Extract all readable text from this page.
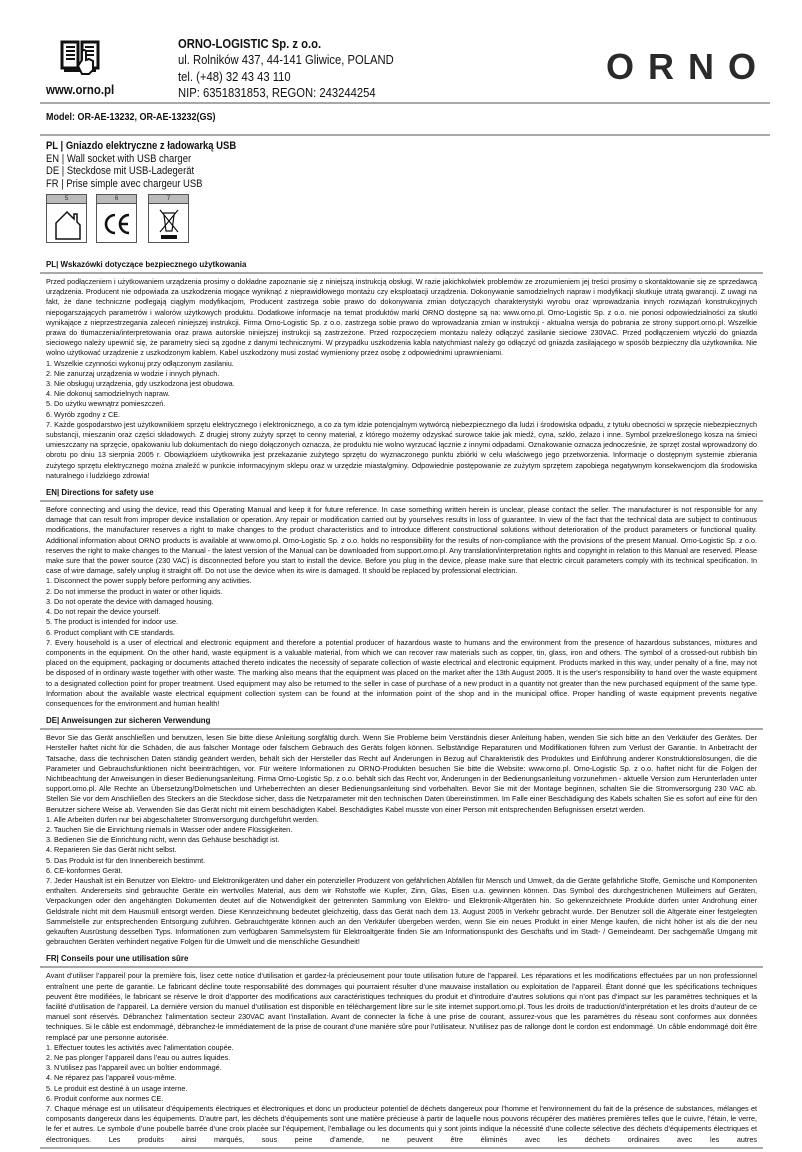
www.orno.pl
ORNO-LOGISTIC Sp. z o.o.
ul. Rolników 437, 44-141 Gliwice, POLAND
tel. (+48) 32 43 43 110
NIP: 6351831853, REGON: 243244254
ORNO
Model: OR-AE-13232, OR-AE-13232(GS)
PL | Gniazdo elektryczne z ładowarką USB
EN | Wall socket with USB charger
DE | Steckdose mit USB-Ladegerät
FR | Prise simple avec chargeur USB
5	6	7
PL| Wskazówki dotyczące bezpiecznego użytkowania
Przed podłączeniem i użytkowaniem urządzenia prosimy o dokładne zapoznanie się z niniejszą instrukcją obsługi. W razie jakichkolwiek problemów ze zrozumieniem jej treści prosimy o skontaktowanie się ze sprzedawcą urządzenia. Producent nie odpowiada za uszkodzenia mogące wyniknąć z nieprawidłowego montażu czy eksploatacji urządzenia. Dokonywanie samodzielnych napraw i modyfikacji skutkuje utratą gwarancji. Z uwagi na fakt, że dane techniczne podlegają ciągłym modyfikacjom, Producent zastrzega sobie prawo do dokonywania zmian dotyczących charakterystyki wyrobu oraz wprowadzania innych rozwiązań konstrukcyjnych niepogarszających parametrów i walorów użytkowych produktu. Dodatkowe informacje na temat produktów marki ORNO dostępne są na: www.orno.pl. Orno-Logistic Sp. z o.o. nie ponosi odpowiedzialności za skutki wynikające z nieprzestrzegania zaleceń niniejszej instrukcji. Firma Orno-Logistic Sp. z o.o. zastrzega sobie prawo do wprowadzania zmian w instrukcji - aktualna wersja do pobrania ze strony support.orno.pl. Wszelkie prawa do tłumaczenia/interpretowania oraz prawa autorskie niniejszej instrukcji są zastrzeżone. Przed rozpoczęciem montażu należy odłączyć zasilanie sieciowe 230VAC. Przed podłączeniem wtyczki do gniazda sieciowego należy upewnić się, że parametry sieci są zgodne z danymi technicznymi. W przypadku uszkodzenia kabla natychmiast należy go odłączyć od gniazda zasilającego w sposób bezpieczny dla użytkownika. Nie wolno użytkować urządzenie z uszkodzonym kablem. Kabel uszkodzony musi zostać wymieniony przez osobę z odpowiednimi uprawnieniami.
1. Wszelkie czynności wykonuj przy odłączonym zasilaniu.
2. Nie zanurzaj urządzenia w wodzie i innych płynach.
3. Nie obsługuj urządzenia, gdy uszkodzona jest obudowa.
4. Nie dokonuj samodzielnych napraw.
5. Do użytku wewnątrz pomieszczeń.
6. Wyrób zgodny z CE.
7. Każde gospodarstwo jest użytkownikiem sprzętu elektrycznego i elektronicznego, a co za tym idzie potencjalnym wytwórcą niebezpiecznego dla ludzi i środowiska odpadu, z tytułu obecności w sprzęcie niebezpiecznych substancji, mieszanin oraz części składowych. Z drugiej strony zużyty sprzęt to cenny materiał, z którego możemy odzyskać surowce takie jak miedź, cyna, szkło, żelazo i inne. Symbol przekreślonego kosza na śmieci umieszczany na sprzęcie, opakowaniu lub dokumentach do niego dołączonych oznacza, że produktu nie wolno wyrzucać łącznie z innymi odpadami. Oznakowanie oznacza jednocześnie, że sprzęt został wprowadzony do obrotu po dniu 13 sierpnia 2005 r. Obowiązkiem użytkownika jest przekazanie zużytego sprzętu do wyznaczonego punktu zbiórki w celu właściwego jego przetworzenia. Informacje o dostępnym systemie zbierania zużytego sprzętu elektrycznego można znaleźć w punkcie informacyjnym sklepu oraz w urzędzie miasta/gminy. Odpowiednie postępowanie ze zużytym sprzętem zapobiega negatywnym konsekwencjom dla środowiska naturalnego i ludzkiego zdrowia!
EN| Directions for safety use
Before connecting and using the device, read this Operating Manual and keep it for future reference. In case something written herein is unclear, please contact the seller. The manufacturer is not responsible for any damage that can result from improper device installation or operation. Any repair or modification carried out by yourselves results in loss of guarantee. In view of the fact that the technical data are subject to continuous modifications, the manufacturer reserves a right to make changes to the product characteristics and to introduce different constructional solutions without deterioration of the product parameters or functional quality. Additional information about ORNO products is available at www.orno.pl. Orno-Logistic Sp. z o.o. holds no responsibility for the results of non-compliance with the provisions of the present Manual. Orno-Logistic Sp. z o.o. reserves the right to make changes to the Manual - the latest version of the Manual can be downloaded from support.orno.pl. Any translation/interpretation rights and copyright in relation to this Manual are reserved. Please make sure that the power source (230 VAC) is disconnected before you start to install the device. Before you plug in the device, please make sure that electric circuit parameters comply with its technical specification. In case of wire damage, safely unplug it straight off. Do not use the device when its wire is damaged. It should be replaced by professional electrician.
1. Disconnect the power supply before performing any activities.
2. Do not immerse the product in water or other liquids.
3. Do not operate the device with damaged housing.
4. Do not repair the device yourself.
5. The product is intended for indoor use.
6. Product compliant with CE standards.
7. Every household is a user of electrical and electronic equipment and therefore a potential producer of hazardous waste to humans and the environment from the presence of hazardous substances, mixtures and components in the equipment. On the other hand, waste equipment is a valuable material, from which we can recover raw materials such as copper, tin, glass, iron and others. The symbol of a crossed-out rubbish bin placed on the equipment, packaging or documents attached thereto indicates the necessity of separate collection of waste electrical and electronic equipment. Products marked in this way, under penalty of a fine, may not be disposed of in ordinary waste together with other waste. The marking also means that the equipment was placed on the market after the 13th August 2005. It is the user's responsibility to hand over the waste equipment to a designated collection point for proper treatment. Used equipment may also be returned to the seller in case of purchase of a new product in a quantity not greater than the new purchased equipment of the same type. Information about the available waste electrical equipment collection system can be found at the information point of the shop and in the municipal office. Proper handling of waste equipment prevents negative consequences for the environment and human health!
DE| Anweisungen zur sicheren Verwendung
Bevor Sie das Gerät anschließen und benutzen, lesen Sie bitte diese Anleitung sorgfältig durch. Wenn Sie Probleme beim Verständnis dieser Anleitung haben, wenden Sie sich bitte an den Verkäufer des Gerätes. Der Hersteller haftet nicht für die Schäden, die aus falscher Montage oder falschem Gebrauch des Geräts folgen können. Selbständige Reparaturen und Modifikationen führen zum Verlust der Garantie. In Anbetracht der Tatsache, dass die technischen Daten ständig geändert werden, behält sich der Hersteller das Recht auf Änderungen in Bezug auf Charakteristik des Produktes und Einführung anderer Konstruktionslösungen, die die Parameter und Gebrauchsfunktionen nicht beeinträchtigen, vor. Für weitere Informationen zu ORNO-Produkten besuchen Sie bitte die Website: www.orno.pl. Orno-Logistic Sp. z o.o. haftet nicht für die Folgen der Nichtbeachtung der Anweisungen in dieser Bedienungsanleitung. Firma Orno-Logistic Sp. z o.o. behält sich das Recht vor, Änderungen in der Bedienungsanleitung vorzunehmen - aktuelle Version zum Herunterladen unter support.orno.pl. Alle Rechte an Übersetzung/Dolmetschen und Urheberrechten an dieser Bedienungsanleitung sind vorbehalten. Bevor Sie mit der Montage beginnen, schalten Sie die Stromversorgung 230 VAC ab. Stellen Sie vor dem Anschließen des Steckers an die Steckdose sicher, dass die Netzparameter mit den technischen Daten übereinstimmen. Im Falle einer Beschädigung des Kabels schalten Sie es sofort auf eine für den Benutzer sichere Weise ab. Verwenden Sie das Gerät nicht mit einem beschädigten Kabel. Beschädigtes Kabel musste von einer Person mit entsprechenden Befugnissen ersetzt werden.
1. Alle Arbeiten dürfen nur bei abgeschalteter Stromversorgung durchgeführt werden.
2. Tauchen Sie die Einrichtung niemals in Wasser oder andere Flüssigkeiten.
3. Bedienen Sie die Einrichtung nicht, wenn das Gehäuse beschädigt ist.
4. Reparieren Sie das Gerät nicht selbst.
5. Das Produkt ist für den Innenbereich bestimmt.
6. CE-konformes Gerät.
7. Jeder Haushalt ist ein Benutzer von Elektro- und Elektronikgeräten und daher ein potenzieller Produzent von gefährlichen Abfällen für Mensch und Umwelt, da die Geräte gefährliche Stoffe, Gemische und Komponenten enthalten. Andererseits sind gebrauchte Geräte ein wertvolles Material, aus dem wir Rohstoffe wie Kupfer, Zinn, Glas, Eisen u.a. gewinnen können. Das Symbol des durchgestrichenen Mülleimers auf Geräten, Verpackungen oder den angehängten Dokumenten deutet auf die Notwendigkeit der getrennten Sammlung von Elektro- und Elektronik-Altgeräten hin. So gekennzeichnete Produkte dürfen unter Androhung einer Geldstrafe nicht mit dem Hausmüll entsorgt werden. Diese Kennzeichnung bedeutet gleichzeitig, dass das Gerät nach dem 13. August 2005 in Verkehr gebracht wurde. Der Benutzer soll die Altgeräte einer festgelegten Sammelstelle zur entsprechenden Entsorgung zuführen. Gebrauchtgeräte können auch an den Verkäufer übergeben werden, wenn Sie ein neues Produkt in einer Menge kaufen, die nicht höher ist als die der neu gekauften Ausrüstung desselben Typs. Informationen zum verfügbaren Sammelsystem für Elektroaltgeräte finden Sie am Informationspunkt des Geschäfts und im Stadt- / Gemeindeamt. Der sachgemäße Umgang mit gebrauchten Geräten verhindert negative Folgen für die Umwelt und die menschliche Gesundheit!
FR| Conseils pour une utilisation sûre
Avant d’utiliser l’appareil pour la première fois, lisez cette notice d’utilisation et gardez-la précieusement pour toute utilisation future de l’appareil. Les réparations et les modifications effectuées par un non professionnel entraînent une perte de garantie. Le fabricant décline toute responsabilité des dommages qui pourraient résulter d’une mauvaise installation ou exploitation de l’appareil. Étant donné que les spécifications techniques peuvent être modifiées, le fabricant se réserve le droit d’apporter des modifications aux caractéristiques techniques du produit et d’introduire d’autres solutions qui n’ont pas d’impact sur les paramètres techniques et la facilité d’utilisation de l’appareil. La dernière version du manuel d’utilisation est disponible en téléchargement libre sur le site internet support.orno.pl. Tous les droits de traduction/d’interprétation et les droits d’auteur de ce manuel sont réservés. Débranchez l’alimentation secteur 230VAC avant l’installation. Avant de connecter la fiche à une prise de courant, assurez-vous que les paramètres du réseau sont conformes aux données techniques. Si le câble est endommagé, débranchez-le immédiatement de la prise de courant d’une manière sûre pour l’utilisateur. N’utilisez pas de rallonge dont le cordon est endommagé. Un câble endommagé doit être remplacé par une personne autorisée.
1. Effectuer toutes les activités avec l’alimentation coupée.
2. Ne pas plonger l’appareil dans l’eau ou autres liquides.
3. N’utilisez pas l’appareil avec un boîtier endommagé.
4. Ne réparez pas l’appareil vous-même.
5. Le produit est destiné à un usage interne.
6. Produit conforme aux normes CE.
7. Chaque ménage est un utilisateur d’équipements électriques et électroniques et donc un producteur potentiel de déchets dangereux pour l’homme et l’environnement du fait de la présence de substances, mélanges et composants dangereux dans les équipements. D’autre part, les déchets d’équipements sont une matière précieuse à partir de laquelle nous pouvons récupérer des matières premières telles que le cuivre, l’étain, le verre, le fer et autres. Le symbole d’une poubelle barrée d’une croix placée sur l’équipement, l’emballage ou les documents qui y sont joints indique la nécessité d’une collecte sélective des déchets d’équipements électriques et électroniques. Les produits ainsi marqués, sous peine d’amende, ne peuvent être éliminés avec les déchets ordinaires avec les autres
